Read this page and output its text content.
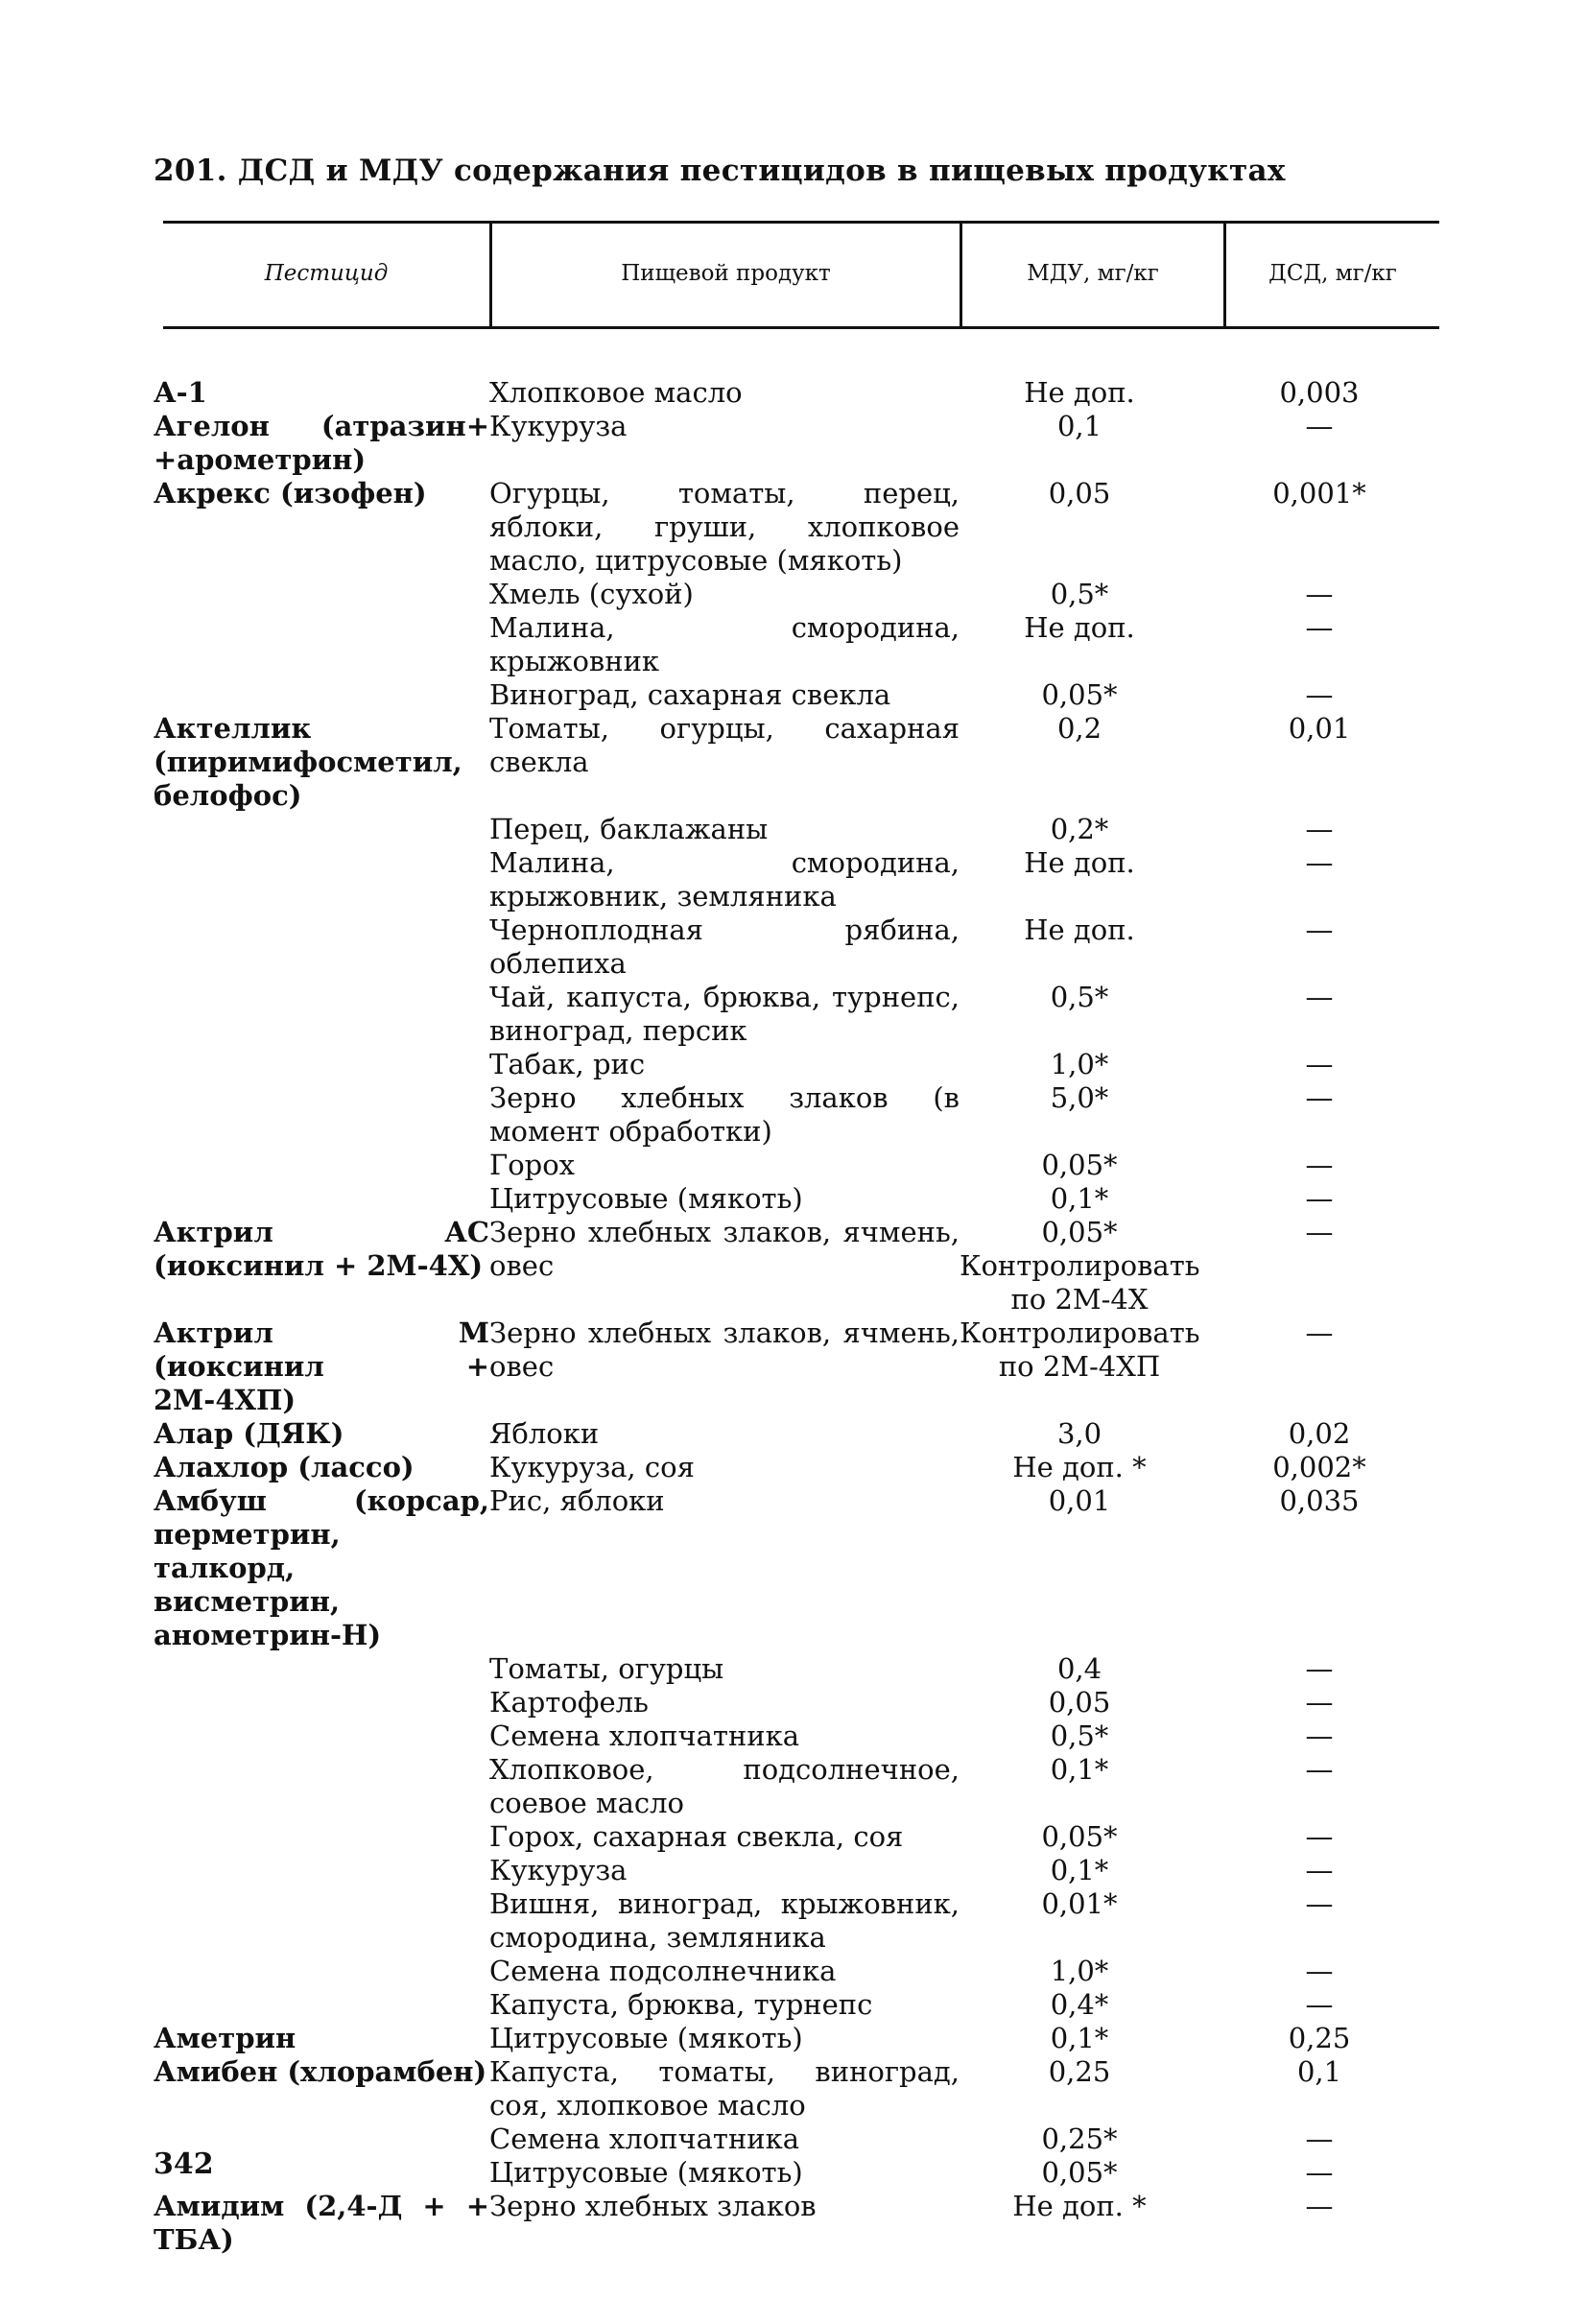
201. ДСД и МДУ содержания пестицидов в пищевых продуктах
Пестицид	Пищевой продукт	МДУ, мг/кг	ДСД, мг/кг
А-1	Хлопковое масло	Не доп.	0,003
Агелон (атразин+ +арометрин)	Кукуруза	0,1	—
Акрекс (изофен)	Огурцы, томаты, перец, яблоки, груши, хлопковое масло, цитрусовые (мякоть)	0,05	0,001*
	Хмель (сухой)	0,5*	—
	Малина, смородина, крыжовник	Не доп.	—
	Виноград, сахарная свекла	0,05*	—
Актеллик (пиримифосметил, белофос)	Томаты, огурцы, сахарная свекла	0,2	0,01
	Перец, баклажаны	0,2*	—
	Малина, смородина, крыжовник, земляника	Не доп.	—
	Черноплодная рябина, облепиха	Не доп.	—
	Чай, капуста, брюква, турнепс, виноград, персик	0,5*	—
	Табак, рис	1,0*	—
	Зерно хлебных злаков (в момент обработки)	5,0*	—
	Горох	0,05*	—
	Цитрусовые (мякоть)	0,1*	—
Актрил АС (иоксинил + 2М-4Х)	Зерно хлебных злаков, ячмень, овес	0,05* Контролировать по 2М-4Х	—
Актрил М (иоксинил + 2М-4ХП)	Зерно хлебных злаков, ячмень, овес	Контролировать по 2М-4ХП	—
Алар (ДЯК)	Яблоки	3,0	0,02
Алахлор (лассо)	Кукуруза, соя	Не доп. *	0,002*
Амбуш (корсар, перметрин, талкорд, висметрин, анометрин-Н)	Рис, яблоки	0,01	0,035
	Томаты, огурцы	0,4	—
	Картофель	0,05	—
	Семена хлопчатника	0,5*	—
	Хлопковое, подсолнечное, соевое масло	0,1*	—
	Горох, сахарная свекла, соя	0,05*	—
	Кукуруза	0,1*	—
	Вишня, виноград, крыжовник, смородина, земляника	0,01*	—
	Семена подсолнечника	1,0*	—
	Капуста, брюква, турнепс	0,4*	—
Аметрин	Цитрусовые (мякоть)	0,1*	0,25
Амибен (хлорамбен)	Капуста, томаты, виноград, соя, хлопковое масло	0,25	0,1
	Семена хлопчатника	0,25*	—
	Цитрусовые (мякоть)	0,05*	—
Амидим (2,4-Д + + ТБА)	Зерно хлебных злаков	Не доп. *	—
342
